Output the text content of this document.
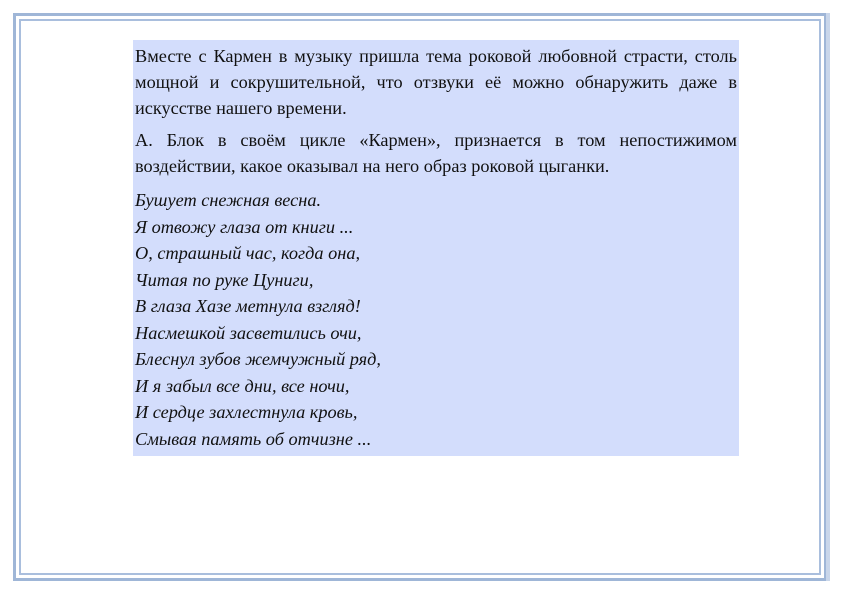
Вместе с Кармен в музыку пришла тема роковой любовной страсти, столь мощной и сокрушительной, что отзвуки её можно обнаружить даже в искусстве нашего времени.

А. Блок в своём цикле «Кармен», признается в том непостижимом воздействии, какое оказывал на него образ роковой цыганки.

Бушует снежная весна.
Я отвожу глаза от книги ...
О, страшный час, когда она,
Читая по руке Цуниги,
В глаза Хазе метнула взгляд!
Насмешкой засветились очи,
Блеснул зубов жемчужный ряд,
И я забыл все дни, все ночи,
И сердце захлестнула кровь,
Смывая память об отчизне ...
